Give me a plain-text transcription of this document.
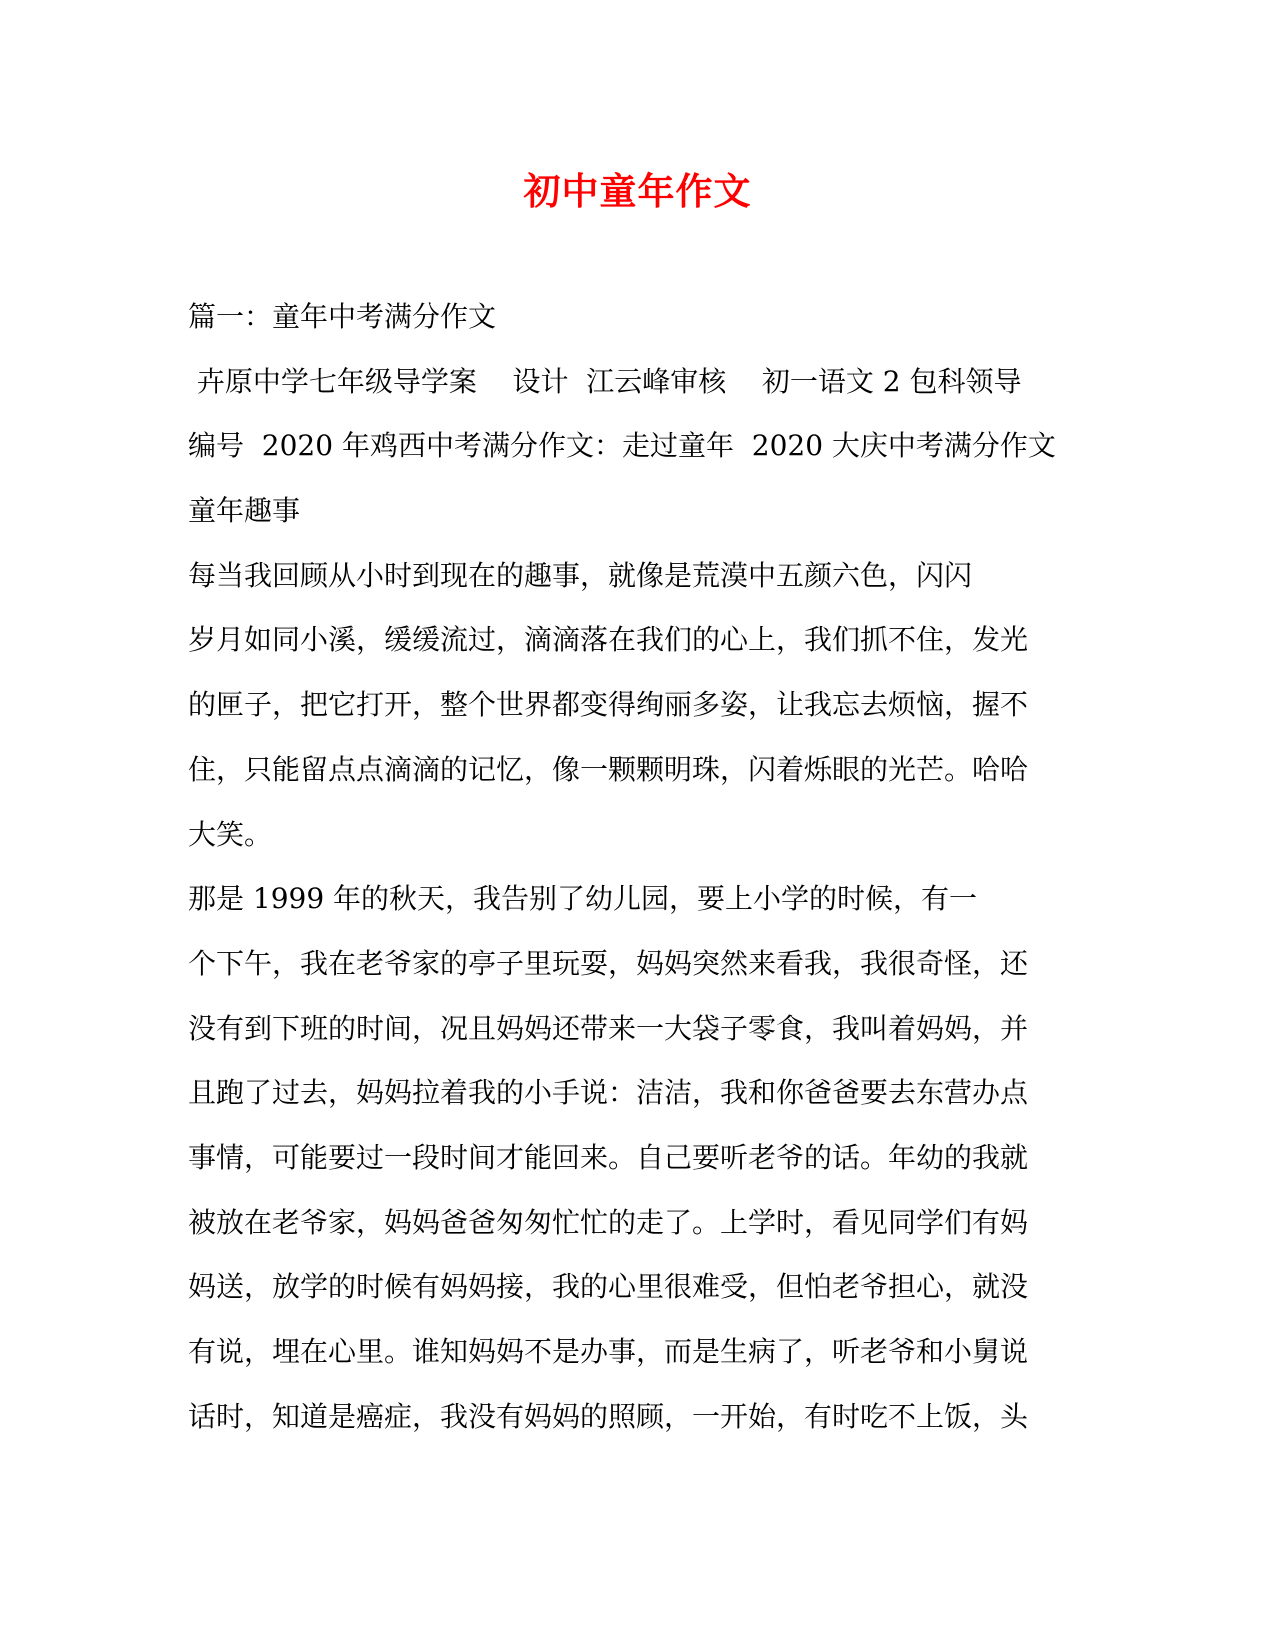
初中童年作文
篇一：童年中考满分作文
卉原中学七年级导学案    设计  江云峰审核    初一语文 2 包科领导
编号  2020 年鸡西中考满分作文：走过童年  2020 大庆中考满分作文
童年趣事
每当我回顾从小时到现在的趣事，就像是荒漠中五颜六色，闪闪
岁月如同小溪，缓缓流过，滴滴落在我们的心上，我们抓不住，发光
的匣子，把它打开，整个世界都变得绚丽多姿，让我忘去烦恼，握不
住，只能留点点滴滴的记忆，像一颗颗明珠，闪着烁眼的光芒。哈哈
大笑。
那是 1999 年的秋天，我告别了幼儿园，要上小学的时候，有一
个下午，我在老爷家的亭子里玩耍，妈妈突然来看我，我很奇怪，还
没有到下班的时间，况且妈妈还带来一大袋子零食，我叫着妈妈，并
且跑了过去，妈妈拉着我的小手说：洁洁，我和你爸爸要去东营办点
事情，可能要过一段时间才能回来。自己要听老爷的话。年幼的我就
被放在老爷家，妈妈爸爸匆匆忙忙的走了。上学时，看见同学们有妈
妈送，放学的时候有妈妈接，我的心里很难受，但怕老爷担心，就没
有说，埋在心里。谁知妈妈不是办事，而是生病了，听老爷和小舅说
话时，知道是癌症，我没有妈妈的照顾，一开始，有时吃不上饭，头
